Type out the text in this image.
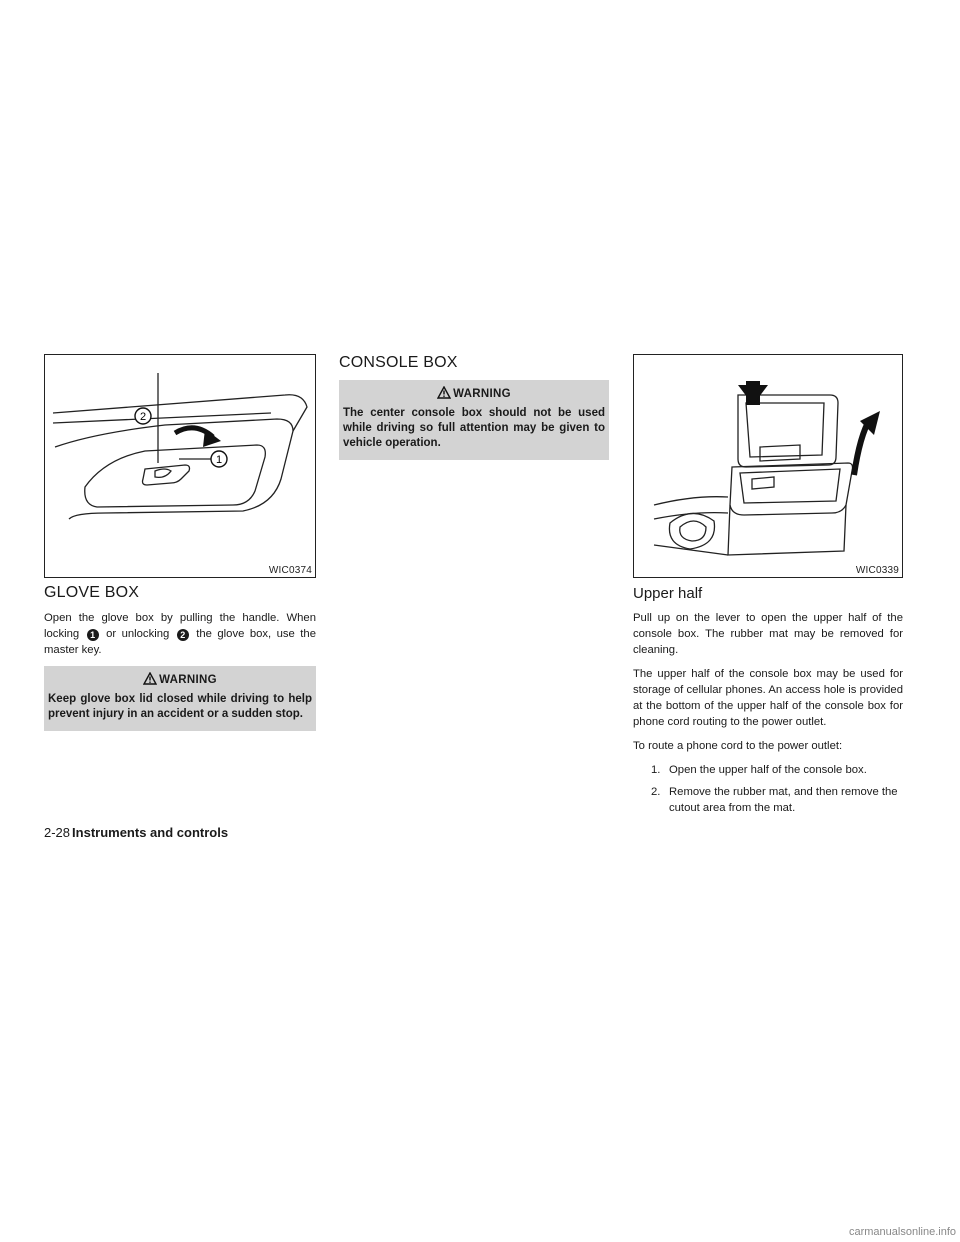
2
1
WIC0374
GLOVE BOX

Open the glove box by pulling the handle. When locking 1 or unlocking 2 the glove box, use the master key.

WARNING
Keep glove box lid closed while driving to help prevent injury in an accident or a sudden stop.
CONSOLE BOX
WARNING
The center console box should not be used while driving so full attention may be given to vehicle operation.
WIC0339
Upper half

Pull up on the lever to open the upper half of the console box. The rubber mat may be removed for cleaning.

The upper half of the console box may be used for storage of cellular phones. An access hole is provided at the bottom of the upper half of the console box for phone cord routing to the power outlet.

To route a phone cord to the power outlet:

1. Open the upper half of the console box.
2. Remove the rubber mat, and then remove the cutout area from the mat.
2-28 Instruments and controls
carmanualsonline.info
